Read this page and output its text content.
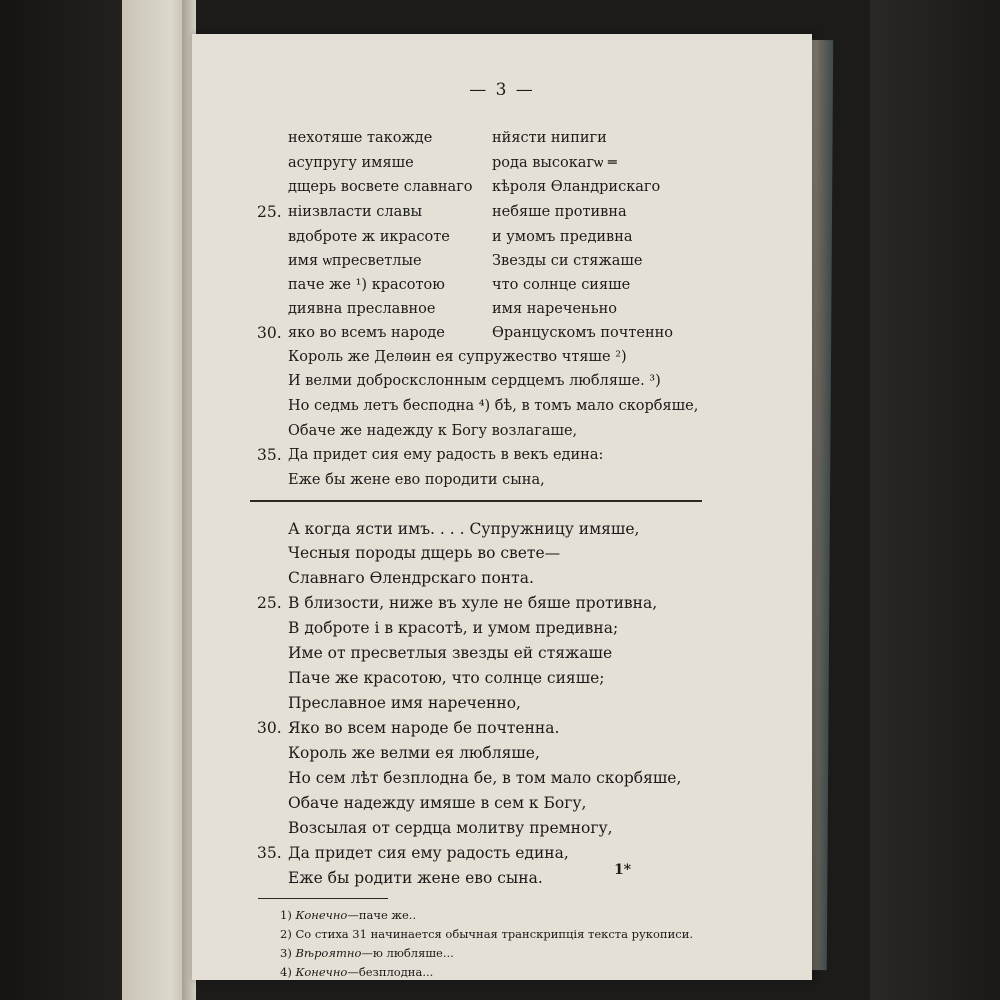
— 3 —
нехотяше такожде
асупругу имяше
дщерь восвете славнаго
25. ніизвласти славы
вдоброте ж икрасоте
имя ѡпресветлые
паче же ¹) красотою
диявна преславное
30. яко во всемъ народе
нйясти нипиги
рода высокагѡ ═
кѣроля Ѳландрискаго
небяше противна
и умомъ предивна
Звезды си стяжаше
что солнце сияше
имя нареченьно
Ѳранцускомъ почтенно
Король же Делѳин ея супружество чтяше ²)
И велми доброскслонным сердцемъ любляше. ³)
Но седмь летъ бесподна ⁴) бѣ, в томъ мало скорбяше,
Обаче же надежду к Богу возлагаше,
35. Да придет сия ему радость в векъ едина:
Еже бы жене ево породити сына,
А когда ясти имъ. . . . Супружницу имяше,
Чесныя породы дщерь во свете—
Славнаго Ѳлендрскаго понта.
25. В близости, ниже въ хуле не бяше противна,
В доброте і в красотѣ, и умом предивна;
Име от пресветлыя звезды ей стяжаше
Паче же красотою, что солнце сияше;
Преславное имя нареченно,
30. Яко во всем народе бе почтенна.
Король же велми ея любляше,
Но сем лѣт безплодна бе, в том мало скорбяше,
Обаче надежду имяше в сем к Богу,
Возсылая от сердца молитву премногу,
35. Да придет сия ему радость едина,
Еже бы родити жене ево сына.
1) Конечно—паче же..
2) Со стиха 31 начинается обычная транскрипція текста рукописи.
3) Вѣроятно—ю любляше...
4) Конечно—безплодна...
1*
